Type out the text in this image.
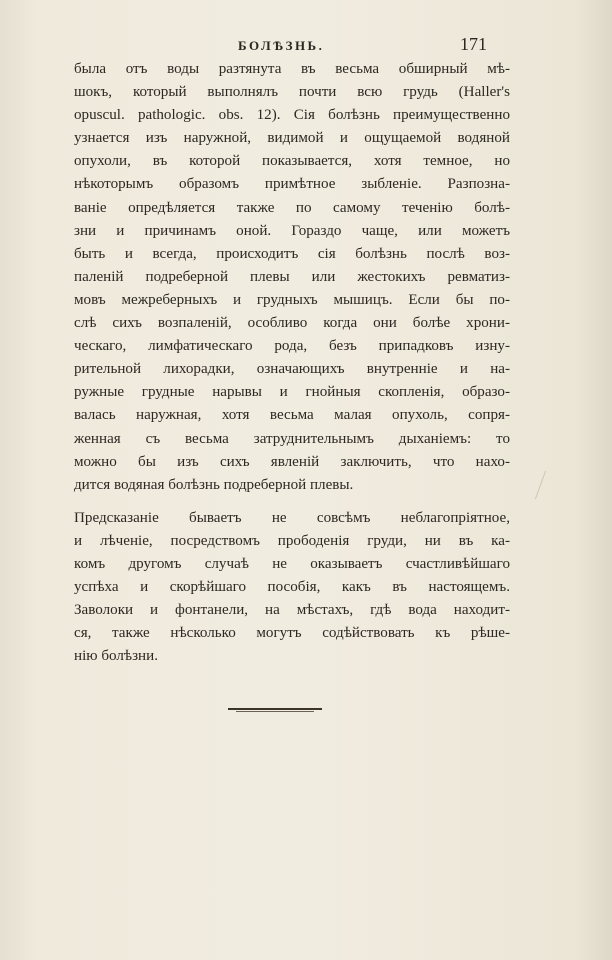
БОЛѢЗНЬ.	171
была отъ воды разтянута въ весьма обширный мѣ-
шокъ, который выполнялъ почти всю грудь (Haller's
opuscul. pathologic. obs. 12). Сія болѣзнь преимущественно
узнается изъ наружной, видимой и ощущаемой водяной
опухоли, въ которой показывается, хотя темное, но
нѣкоторымъ образомъ примѣтное зыбленіе. Разпозна-
ваніе опредѣляется также по самому теченію болѣ-
зни и причинамъ оной. Гораздо чаще, или можетъ
быть и всегда, происходитъ сія болѣзнь послѣ воз-
паленій подреберной плевы или жестокихъ ревматиз-
мовъ межреберныхъ и грудныхъ мышицъ. Если бы по-
слѣ сихъ возпаленій, особливо когда они болѣе хрони-
ческаго, лимфатическаго рода, безъ припадковъ изну-
рительной лихорадки, означающихъ внутренніе и на-
ружные грудные нарывы и гнойныя скопленія, образо-
валась наружная, хотя весьма малая опухоль, сопря-
женная съ весьма затруднительнымъ дыханіемъ: то
можно бы изъ сихъ явленій заключить, что нахо-
дится водяная болѣзнь подреберной плевы.
Предсказаніе бываетъ не совсѣмъ неблагопріятное,
и лѣченіе, посредствомъ прободенія груди, ни въ ка-
комъ другомъ случаѣ не оказываетъ счастливѣйшаго
успѣха и скорѣйшаго пособія, какъ въ настоящемъ.
Заволоки и фонтанели, на мѣстахъ, гдѣ вода находит-
ся, также нѣсколько могутъ содѣйствовать къ рѣше-
нію болѣзни.
